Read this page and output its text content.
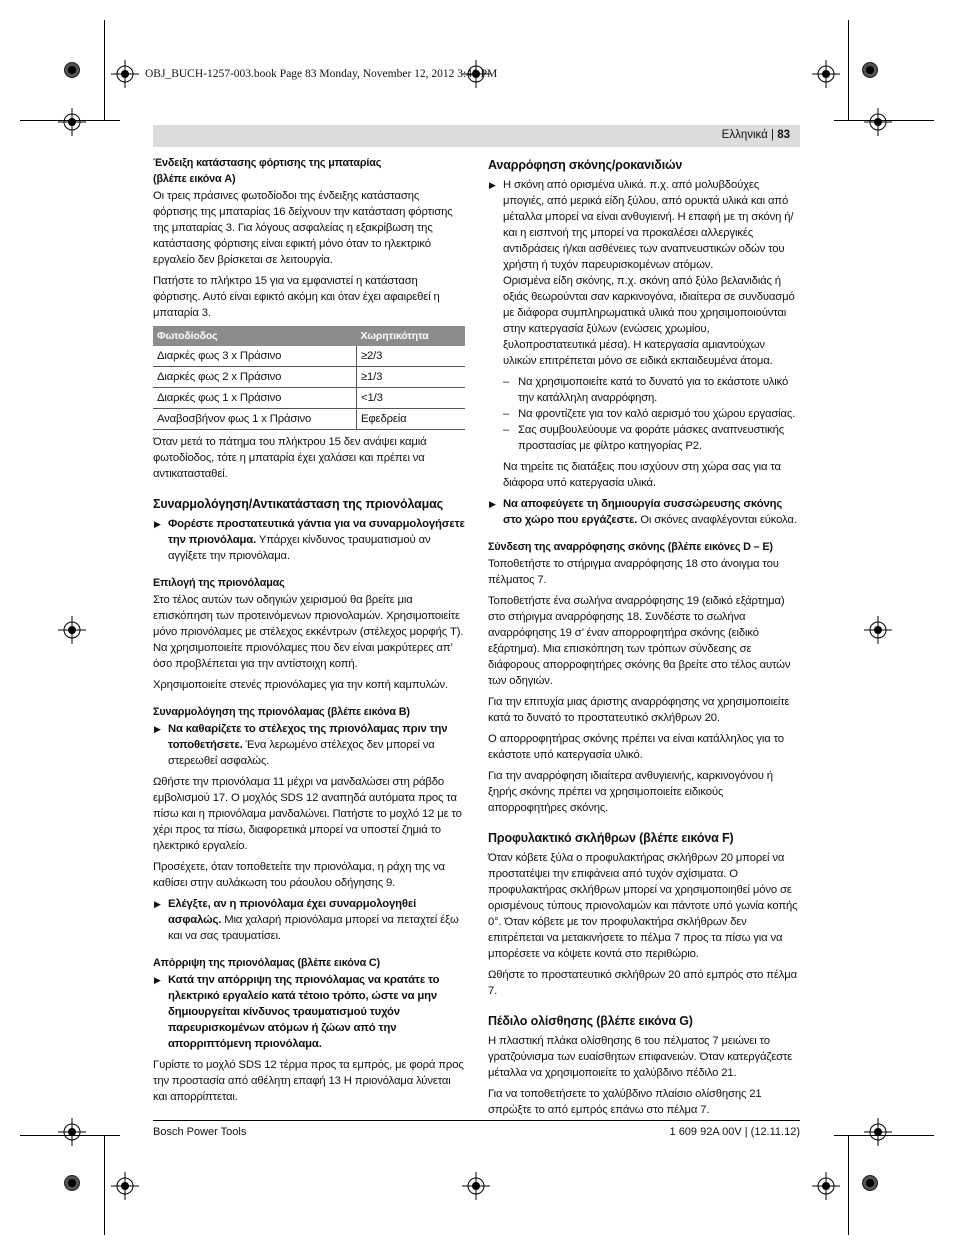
OBJ_BUCH-1257-003.book Page 83 Monday, November 12, 2012 3:46 PM
Ελληνικά | 83

Ένδειξη κατάστασης φόρτισης της μπαταρίας
(βλέπε εικόνα A)

Οι τρεις πράσινες φωτοδίοδοι της ένδειξης κατάστασης φόρτισης της μπαταρίας 16 δείχνουν την κατάσταση φόρτισης της μπαταρίας 3. Για λόγους ασφαλείας η εξακρίβωση της κατάστασης φόρτισης είναι εφικτή μόνο όταν το ηλεκτρικό εργαλείο δεν βρίσκεται σε λειτουργία.

Πατήστε το πλήκτρο 15 για να εμφανιστεί η κατάσταση φόρτισης. Αυτό είναι εφικτό ακόμη και όταν έχει αφαιρεθεί η μπαταρία 3.

Φωτοδίοδος	Χωρητικότητα
Διαρκές φως 3 x Πράσινο	≥2/3
Διαρκές φως 2 x Πράσινο	≥1/3
Διαρκές φως 1 x Πράσινο	<1/3
Αναβοσβήνον φως 1 x Πράσινο	Εφεδρεία

Όταν μετά το πάτημα του πλήκτρου 15 δεν ανάψει καμιά φωτοδίοδος, τότε η μπαταρία έχει χαλάσει και πρέπει να αντικατασταθεί.

Συναρμολόγηση/Αντικατάσταση της πριονόλαμας
▶ Φορέστε προστατευτικά γάντια για να συναρμολογήσετε την πριονόλαμα. Υπάρχει κίνδυνος τραυματισμού αν αγγίξετε την πριονόλαμα.

Επιλογή της πριονόλαμας

Στο τέλος αυτών των οδηγιών χειρισμού θα βρείτε μια επισκόπηση των προτεινόμενων πριονολαμών. Χρησιμοποιείτε μόνο πριονόλαμες με στέλεχος εκκέντρων (στέλεχος μορφής T). Να χρησιμοποιείτε πριονόλαμες που δεν είναι μακρύτερες απ’ όσο προβλέπεται για την αντίστοιχη κοπή.

Χρησιμοποιείτε στενές πριονόλαμες για την κοπή καμπυλών.

Συναρμολόγηση της πριονόλαμας (βλέπε εικόνα B)

▶ Να καθαρίζετε το στέλεχος της πριονόλαμας πριν την τοποθετήσετε. Ένα λερωμένο στέλεχος δεν μπορεί να στερεωθεί ασφαλώς.

Ωθήστε την πριονόλαμα 11 μέχρι να μανδαλώσει στη ράβδο εμβολισμού 17. Ο μοχλός SDS 12 αναπηδά αυτόματα προς τα πίσω και η πριονόλαμα μανδαλώνει. Πατήστε το μοχλό 12 με το χέρι προς τα πίσω, διαφορετικά μπορεί να υποστεί ζημιά το ηλεκτρικό εργαλείο.

Προσέχετε, όταν τοποθετείτε την πριονόλαμα, η ράχη της να καθίσει στην αυλάκωση του ράουλου οδήγησης 9.

▶ Ελέγξτε, αν η πριονόλαμα έχει συναρμολογηθεί ασφαλώς. Μια χαλαρή πριονόλαμα μπορεί να πεταχτεί έξω και να σας τραυματίσει.

Απόρριψη της πριονόλαμας (βλέπε εικόνα C)

▶ Κατά την απόρριψη της πριονόλαμας να κρατάτε το ηλεκτρικό εργαλείο κατά τέτοιο τρόπο, ώστε να μην δημιουργείται κίνδυνος τραυματισμού τυχόν παρευρισκομένων ατόμων ή ζώων από την απορριπτόμενη πριονόλαμα.

Γυρίστε το μοχλό SDS 12 τέρμα προς τα εμπρός, με φορά προς την προστασία από αθέλητη επαφή 13 Η πριονόλαμα λύνεται και απορρίπτεται.

Αναρρόφηση σκόνης/ροκανιδιών
▶ Η σκόνη από ορισμένα υλικά. π.χ. από μολυβδούχες μπογιές, από μερικά είδη ξύλου, από ορυκτά υλικά και από μέταλλα μπορεί να είναι ανθυγιεινή. Η επαφή με τη σκόνη ή/και η εισπνοή της μπορεί να προκαλέσει αλλεργικές αντιδράσεις ή/και ασθένειες των αναπνευστικών οδών του χρήστη ή τυχόν παρευρισκομένων ατόμων.
Ορισμένα είδη σκόνης, π.χ. σκόνη από ξύλο βελανιδιάς ή οξιάς θεωρούνται σαν καρκινογόνα, ιδιαίτερα σε συνδυασμό με διάφορα συμπληρωματικά υλικά που χρησιμοποιούνται στην κατεργασία ξύλων (ενώσεις χρωμίου, ξυλοπροστατευτικά μέσα). Η κατεργασία αμιαντούχων υλικών επιτρέπεται μόνο σε ειδικά εκπαιδευμένα άτομα.
– Να χρησιμοποιείτε κατά το δυνατό για το εκάστοτε υλικό την κατάλληλη αναρρόφηση.
– Να φροντίζετε για τον καλό αερισμό του χώρου εργασίας.
– Σας συμβουλεύουμε να φοράτε μάσκες αναπνευστικής προστασίας με φίλτρο κατηγορίας P2.

Να τηρείτε τις διατάξεις που ισχύουν στη χώρα σας για τα διάφορα υπό κατεργασία υλικά.

▶ Να αποφεύγετε τη δημιουργία συσσώρευσης σκόνης στο χώρο που εργάζεστε. Οι σκόνες αναφλέγονται εύκολα.

Σύνδεση της αναρρόφησης σκόνης (βλέπε εικόνες D – E)

Τοποθετήστε το στήριγμα αναρρόφησης 18 στο άνοιγμα του πέλματος 7.

Τοποθετήστε ένα σωλήνα αναρρόφησης 19 (ειδικό εξάρτημα) στο στήριγμα αναρρόφησης 18. Συνδέστε το σωλήνα αναρρόφησης 19 σ’ έναν απορροφητήρα σκόνης (ειδικό εξάρτημα). Μια επισκόπηση των τρόπων σύνδεσης σε διάφορους απορροφητήρες σκόνης θα βρείτε στο τέλος αυτών των οδηγιών.

Για την επιτυχία μιας άριστης αναρρόφησης να χρησιμοποιείτε κατά το δυνατό το προστατευτικό σκλήθρων 20.

Ο απορροφητήρας σκόνης πρέπει να είναι κατάλληλος για το εκάστοτε υπό κατεργασία υλικό.

Για την αναρρόφηση ιδιαίτερα ανθυγιεινής, καρκινογόνου ή ξηρής σκόνης πρέπει να χρησιμοποιείτε ειδικούς απορροφητήρες σκόνης.

Προφυλακτικό σκλήθρων (βλέπε εικόνα F)

Όταν κόβετε ξύλα ο προφυλακτήρας σκλήθρων 20 μπορεί να προστατέψει την επιφάνεια από τυχόν σχίσιματα. Ο προφυλακτήρας σκλήθρων μπορεί να χρησιμοποιηθεί μόνο σε ορισμένους τύπους πριονολαμών και πάντοτε υπό γωνία κοπής 0°. Όταν κόβετε με τον προφυλακτήρα σκλήθρων δεν επιτρέπεται να μετακινήσετε το πέλμα 7 προς τα πίσω για να μπορέσετε να κόψετε κοντά στο περιθώριο.

Ωθήστε το προστατευτικό σκλήθρων 20 από εμπρός στο πέλμα 7.

Πέδιλο ολίσθησης (βλέπε εικόνα G)

Η πλαστική πλάκα ολίσθησης 6 του πέλματος 7 μειώνει το γρατζούνισμα των ευαίσθητων επιφανειών. Όταν κατεργάζεστε μέταλλα να χρησιμοποιείτε το χαλύβδινο πέδιλο 21.

Για να τοποθετήσετε το χαλύβδινο πλαίσιο ολίσθησης 21 σπρώξτε το από εμπρός επάνω στο πέλμα 7.

Bosch Power Tools	1 609 92A 00V | (12.11.12)
